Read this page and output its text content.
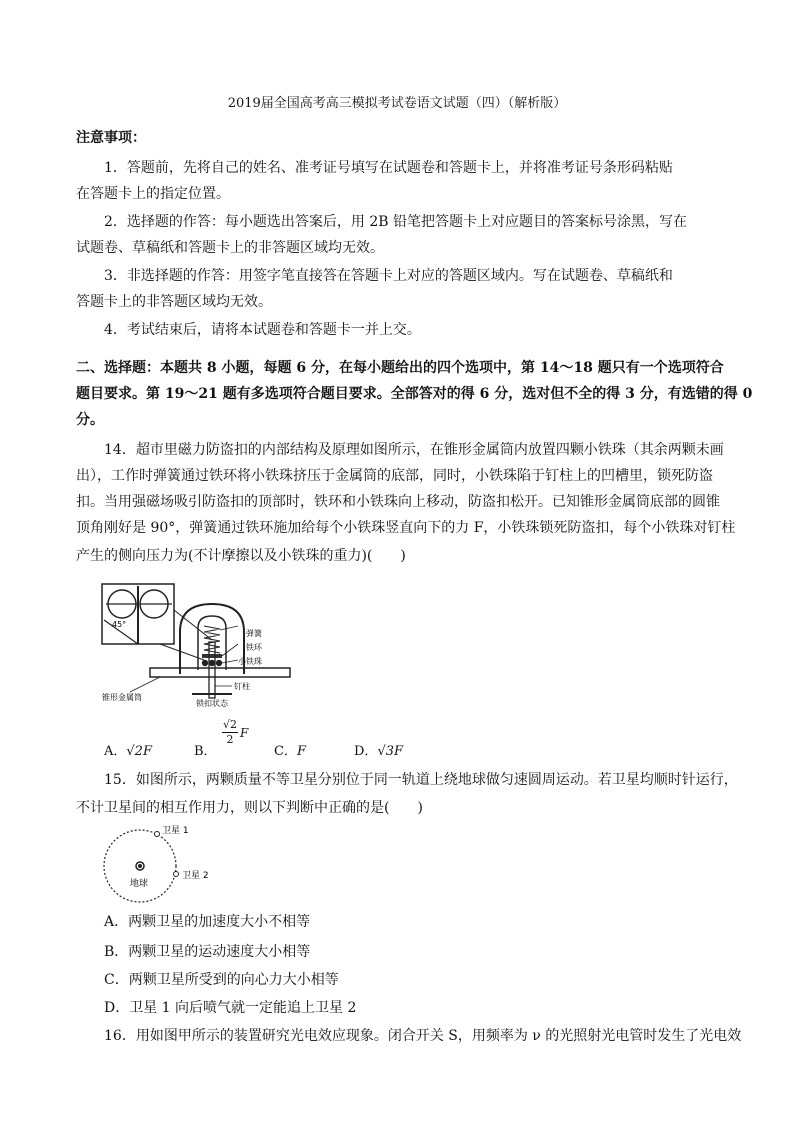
2019届全国高考高三模拟考试卷语文试题（四）（解析版）
注意事项：
1．答题前，先将自己的姓名、准考证号填写在试题卷和答题卡上，并将准考证号条形码粘贴
在答题卡上的指定位置。
2．选择题的作答：每小题选出答案后，用 2B 铅笔把答题卡上对应题目的答案标号涂黑，写在
试题卷、草稿纸和答题卡上的非答题区域均无效。
3．非选择题的作答：用签字笔直接答在答题卡上对应的答题区域内。写在试题卷、草稿纸和
答题卡上的非答题区域均无效。
4．考试结束后，请将本试题卷和答题卡一并上交。
二、选择题：本题共 8 小题，每题 6 分，在每小题给出的四个选项中，第 14～18 题只有一个选项符合
题目要求。第 19～21 题有多选项符合题目要求。全部答对的得 6 分，选对但不全的得 3 分，有选错的得 0
分。
14．超市里磁力防盗扣的内部结构及原理如图所示，在锥形金属筒内放置四颗小铁珠（其余两颗未画
出），工作时弹簧通过铁环将小铁珠挤压于金属筒的底部，同时，小铁珠陷于钉柱上的凹槽里，锁死防盗
扣。当用强磁场吸引防盗扣的顶部时，铁环和小铁珠向上移动，防盗扣松开。已知锥形金属筒底部的圆锥
顶角刚好是 90°，弹簧通过铁环施加给每个小铁珠竖直向下的力 F，小铁珠锁死防盗扣，每个小铁珠对钉柱
产生的侧向压力为(不计摩擦以及小铁珠的重力)(　　)
45°
弹簧
铁环
小铁珠
钉柱
锥形金属筒
锁扣状态
A．√2F	B．
$\frac{√2}{2}$ F
C．F	D．√3F
15．如图所示，两颗质量不等卫星分别位于同一轨道上绕地球做匀速圆周运动。若卫星均顺时针运行，
不计卫星间的相互作用力，则以下判断中正确的是(　　)
卫星 1
卫星 2
地球
A．两颗卫星的加速度大小不相等
B．两颗卫星的运动速度大小相等
C．两颗卫星所受到的向心力大小相等
D．卫星 1 向后喷气就一定能追上卫星 2
16．用如图甲所示的装置研究光电效应现象。闭合开关 S，用频率为 ν 的光照射光电管时发生了光电效
